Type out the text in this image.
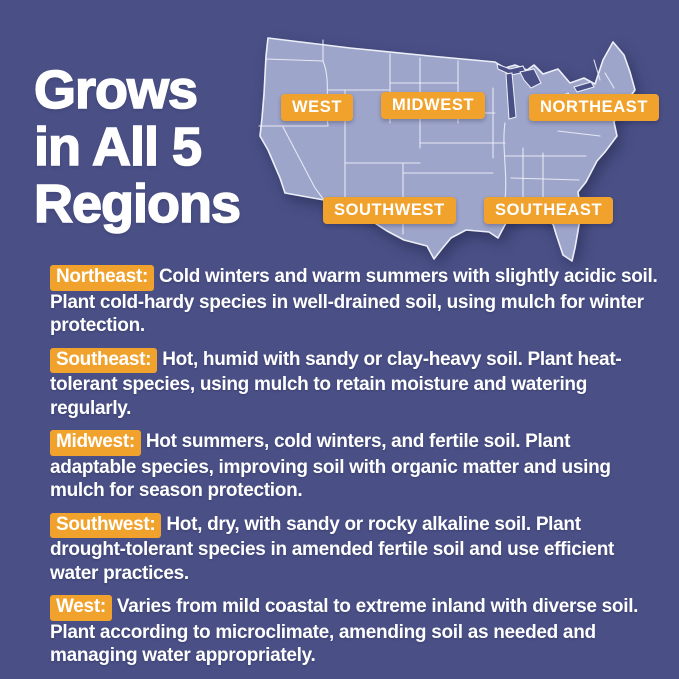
Grows
in All 5
Regions
WEST	MIDWEST	NORTHEAST
SOUTHWEST	SOUTHEAST

Northeast: Cold winters and warm summers with slightly acidic soil. Plant cold-hardy species in well-drained soil, using mulch for winter protection.

Southeast: Hot, humid with sandy or clay-heavy soil. Plant heat-tolerant species, using mulch to retain moisture and watering regularly.

Midwest: Hot summers, cold winters, and fertile soil. Plant adaptable species, improving soil with organic matter and using mulch for season protection.

Southwest: Hot, dry, with sandy or rocky alkaline soil. Plant drought-tolerant species in amended fertile soil and use efficient water practices.

West: Varies from mild coastal to extreme inland with diverse soil. Plant according to microclimate, amending soil as needed and managing water appropriately.
